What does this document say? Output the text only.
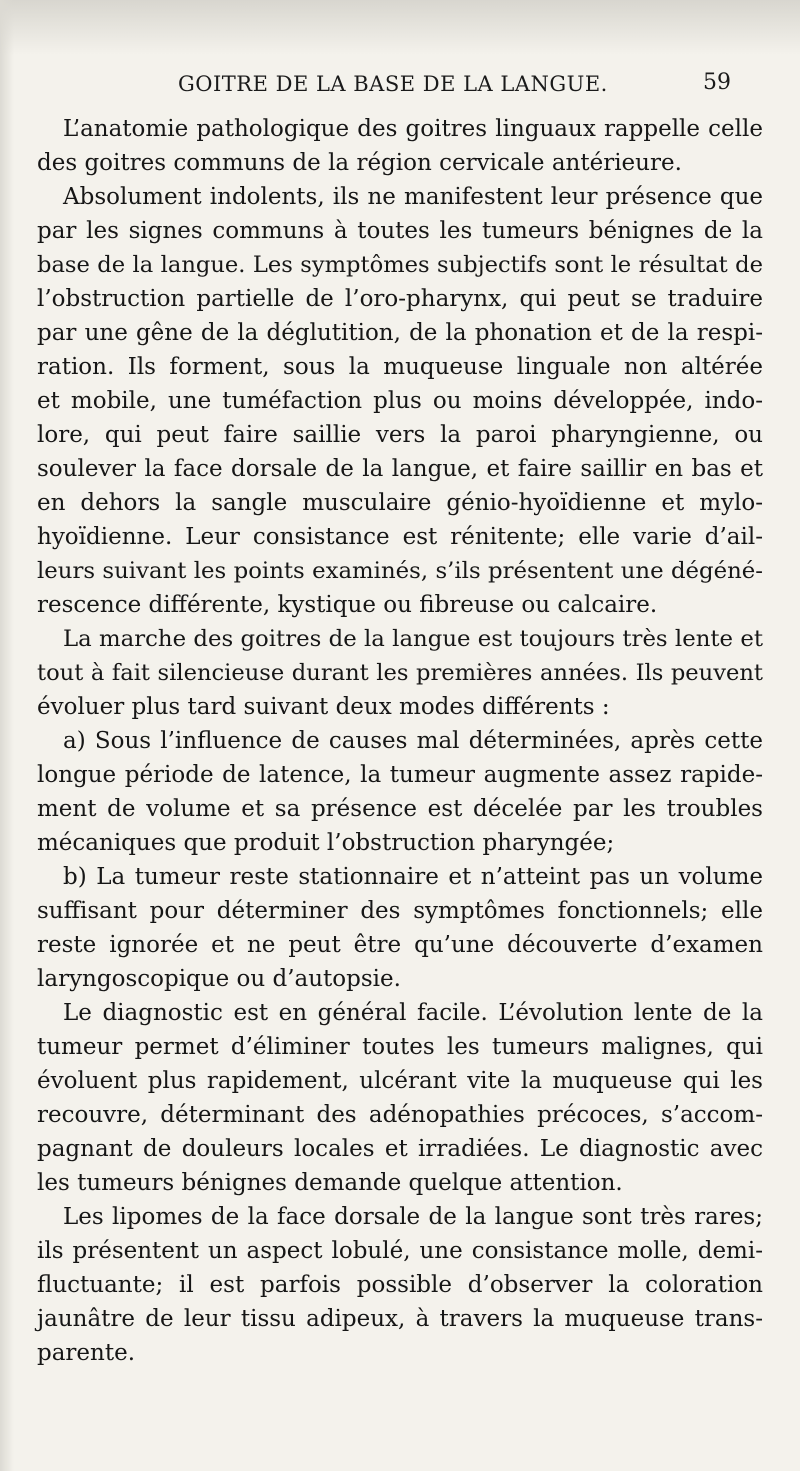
GOITRE DE LA BASE DE LA LANGUE.	59
L’anatomie pathologique des goitres linguaux rappelle celle
des goitres communs de la région cervicale antérieure.
Absolument indolents, ils ne manifestent leur présence que
par les signes communs à toutes les tumeurs bénignes de la
base de la langue. Les symptômes subjectifs sont le résultat de
l’obstruction partielle de l’oro-pharynx, qui peut se traduire
par une gêne de la déglutition, de la phonation et de la respi-
ration. Ils forment, sous la muqueuse linguale non altérée
et mobile, une tuméfaction plus ou moins développée, indo-
lore, qui peut faire saillie vers la paroi pharyngienne, ou
soulever la face dorsale de la langue, et faire saillir en bas et
en dehors la sangle musculaire génio-hyoïdienne et mylo-
hyoïdienne. Leur consistance est rénitente; elle varie d’ail-
leurs suivant les points examinés, s’ils présentent une dégéné-
rescence différente, kystique ou fibreuse ou calcaire.
La marche des goitres de la langue est toujours très lente et
tout à fait silencieuse durant les premières années. Ils peuvent
évoluer plus tard suivant deux modes différents :
a) Sous l’influence de causes mal déterminées, après cette
longue période de latence, la tumeur augmente assez rapide-
ment de volume et sa présence est décelée par les troubles
mécaniques que produit l’obstruction pharyngée;
b) La tumeur reste stationnaire et n’atteint pas un volume
suffisant pour déterminer des symptômes fonctionnels; elle
reste ignorée et ne peut être qu’une découverte d’examen
laryngoscopique ou d’autopsie.
Le diagnostic est en général facile. L’évolution lente de la
tumeur permet d’éliminer toutes les tumeurs malignes, qui
évoluent plus rapidement, ulcérant vite la muqueuse qui les
recouvre, déterminant des adénopathies précoces, s’accom-
pagnant de douleurs locales et irradiées. Le diagnostic avec
les tumeurs bénignes demande quelque attention.
Les lipomes de la face dorsale de la langue sont très rares;
ils présentent un aspect lobulé, une consistance molle, demi-
fluctuante; il est parfois possible d’observer la coloration
jaunâtre de leur tissu adipeux, à travers la muqueuse trans-
parente.
